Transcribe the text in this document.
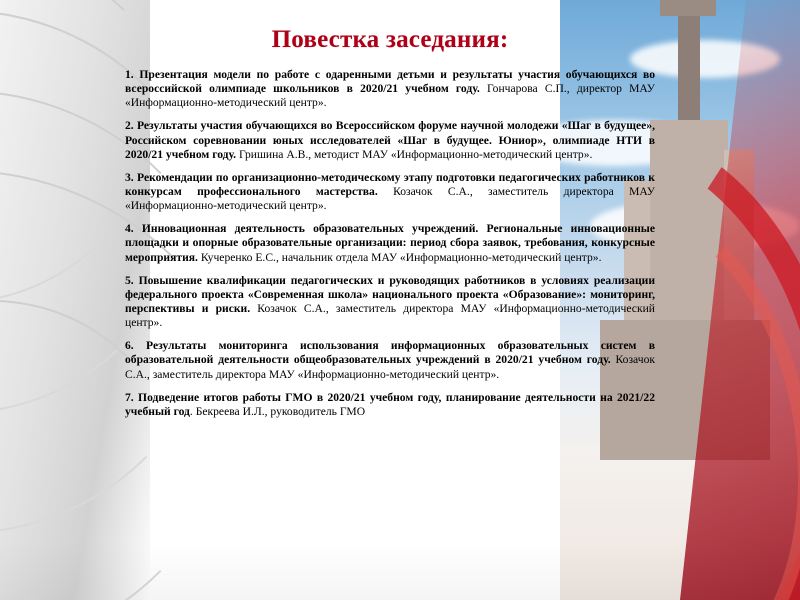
Повестка заседания:
1. Презентация модели по работе с одаренными детьми и результаты участия обучающихся во всероссийской олимпиаде школьников в 2020/21 учебном году. Гончарова С.П., директор МАУ «Информационно-методический центр».
2. Результаты участия обучающихся во Всероссийском форуме научной молодежи «Шаг в будущее», Российском соревновании юных исследователей «Шаг в будущее. Юниор», олимпиаде НТИ в 2020/21 учебном году. Гришина А.В., методист МАУ «Информационно-методический центр».
3. Рекомендации по организационно-методическому этапу подготовки педагогических работников к конкурсам профессионального мастерства. Козачок С.А., заместитель директора МАУ «Информационно-методический центр».
4. Инновационная деятельность образовательных учреждений. Региональные инновационные площадки и опорные образовательные организации: период сбора заявок, требования, конкурсные мероприятия. Кучеренко Е.С., начальник отдела МАУ «Информационно-методический центр».
5. Повышение квалификации педагогических и руководящих работников в условиях реализации федерального проекта «Современная школа» национального проекта «Образование»: мониторинг, перспективы и риски. Козачок С.А., заместитель директора МАУ «Информационно-методический центр».
6. Результаты мониторинга использования информационных образовательных систем в образовательной деятельности общеобразовательных учреждений в 2020/21 учебном году. Козачок С.А., заместитель директора МАУ «Информационно-методический центр».
7. Подведение итогов работы ГМО в 2020/21 учебном году, планирование деятельности на 2021/22 учебный год. Бекреева И.Л., руководитель ГМО
